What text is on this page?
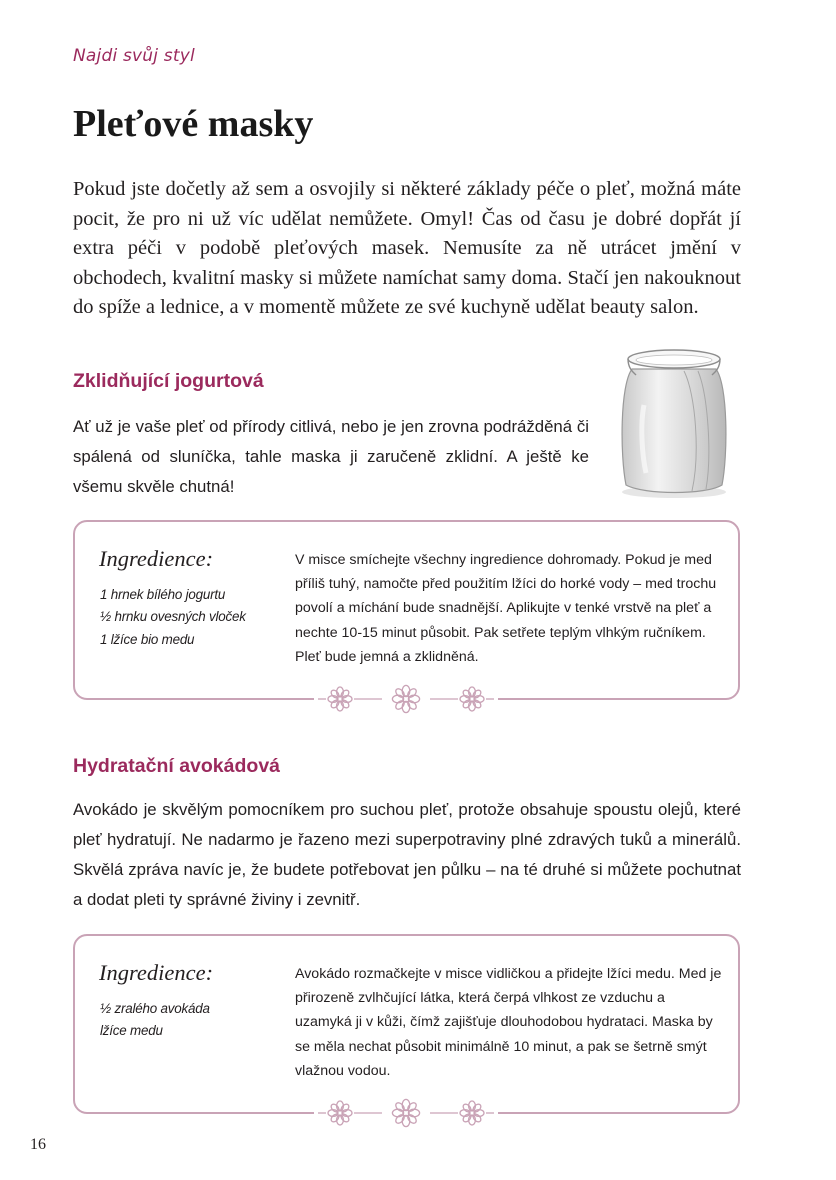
Najdi svůj styl
Pleťové masky

Pokud jste dočetly až sem a osvojily si některé základy péče o pleť, možná máte pocit, že pro ni už víc udělat nemůžete. Omyl! Čas od času je dobré dopřát jí extra péči v podobě pleťových masek. Nemusíte za ně utrácet jmění v obchodech, kvalitní masky si můžete namíchat samy doma. Stačí jen nakouknout do spíže a lednice, a v momentě můžete ze své kuchyně udělat beauty salon.

Zklidňující jogurtová

Ať už je vaše pleť od přírody citlivá, nebo je jen zrovna podrážděná či spálená od sluníčka, tahle maska ji zaručeně zklidní. A ještě ke všemu skvěle chutná!

Ingredience:
1 hrnek bílého jogurtu
½ hrnku ovesných vloček
1 lžíce bio medu

V misce smíchejte všechny ingredience dohromady. Pokud je med příliš tuhý, namočte před použitím lžíci do horké vody – med trochu povolí a míchání bude snadnější. Aplikujte v tenké vrstvě na pleť a nechte 10-15 minut působit. Pak setřete teplým vlhkým ručníkem. Pleť bude jemná a zklidněná.

Hydratační avokádová

Avokádo je skvělým pomocníkem pro suchou pleť, protože obsahuje spoustu olejů, které pleť hydratují. Ne nadarmo je řazeno mezi superpotraviny plné zdravých tuků a minerálů. Skvělá zpráva navíc je, že budete potřebovat jen půlku – na té druhé si můžete pochutnat a dodat pleti ty správné živiny i zevnitř.

Ingredience:
½ zralého avokáda
lžíce medu

Avokádo rozmačkejte v misce vidličkou a přidejte lžíci medu. Med je přirozeně zvlhčující látka, která čerpá vlhkost ze vzduchu a uzamyká ji v kůži, čímž zajišťuje dlouhodobou hydrataci. Maska by se měla nechat působit minimálně 10 minut, a pak se šetrně smýt vlažnou vodou.

16
